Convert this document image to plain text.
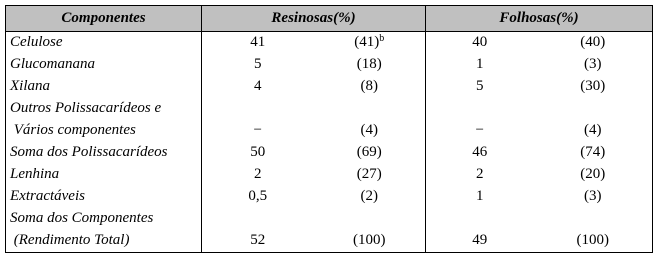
Componentes	Resinosas(%)		Folhosas(%)	
Celulose	41	$(41)^b$	40	(40)
Glucomanana	5	(18)	1	(3)
Xilana	4	(8)	5	(30)

Outros Polissacarídeos e
Vários componentes	−	(4)	−	(4)

Soma dos Polissacarídeos	50	(69)	46	(74)
Lenhina	2	(27)	2	(20)
Extractáveis	0,5	(2)	1	(3)

Soma dos Componentes
(Rendimento Total)	52	(100)	49	(100)
